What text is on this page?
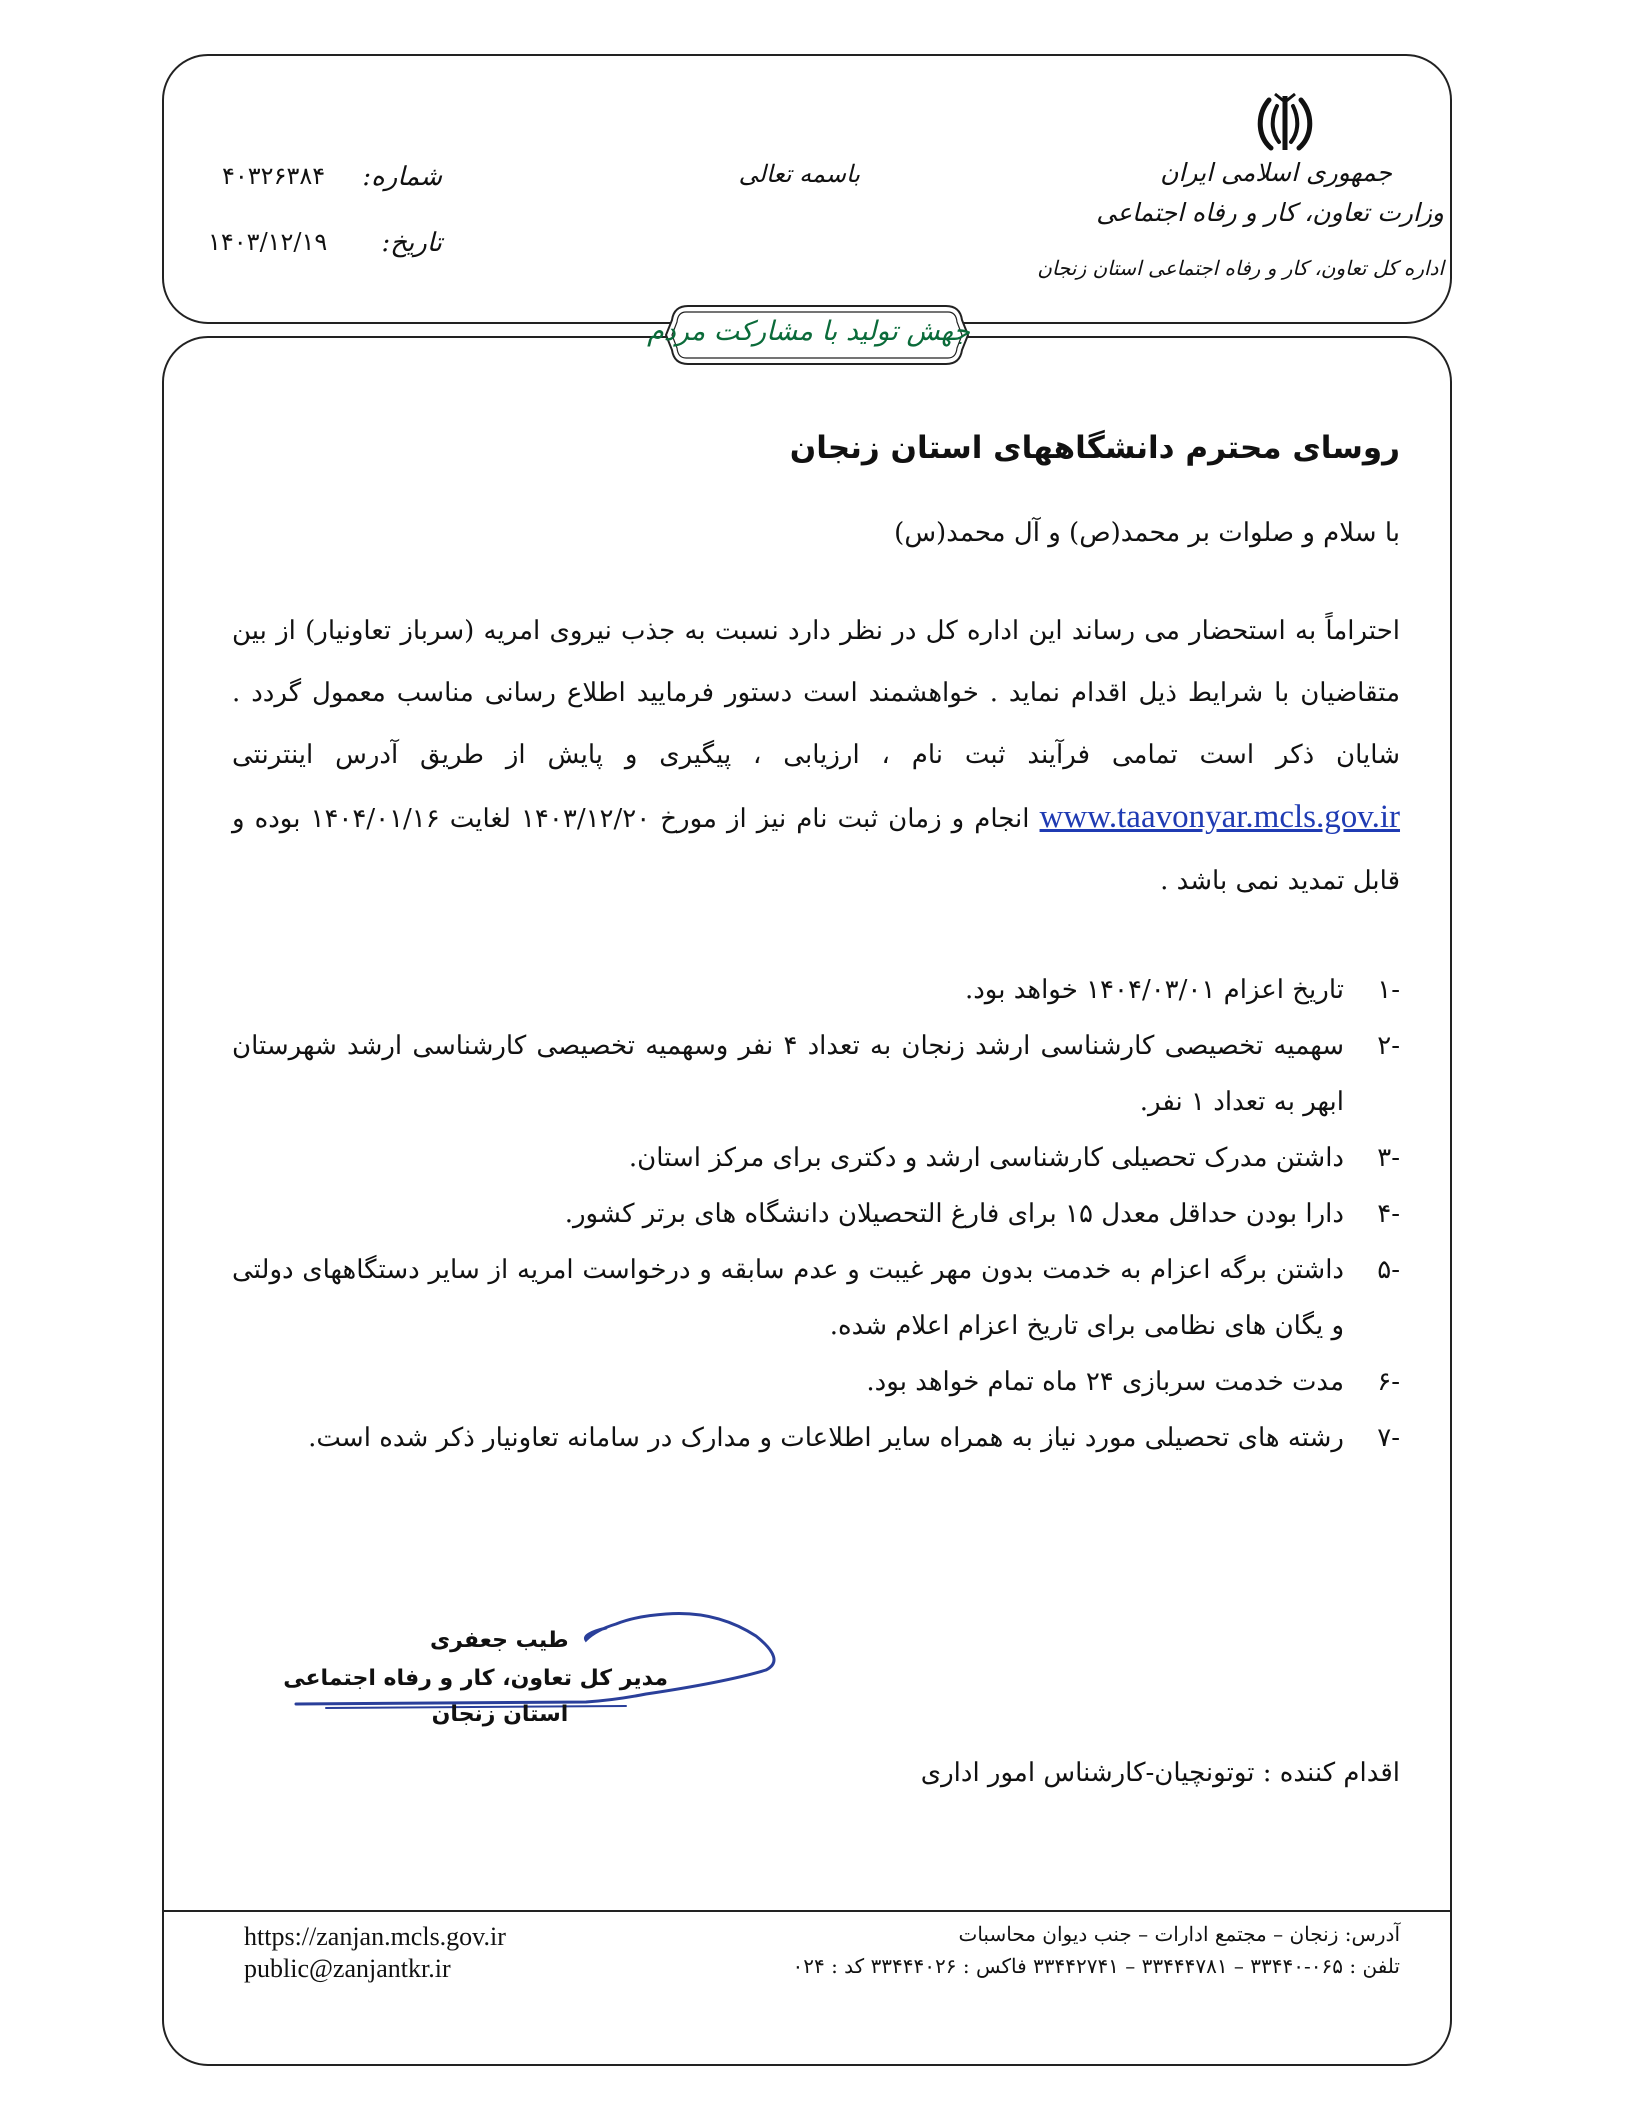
جمهوری اسلامی ایران
وزارت تعاون، کار و رفاه اجتماعی
اداره کل تعاون، کار و رفاه اجتماعی استان زنجان
باسمه تعالی
شماره:
۴۰۳۲۶۳۸۴
تاریخ:
۱۴۰۳/۱۲/۱۹
جهش تولید با مشارکت مردم
روسای محترم دانشگاههای استان زنجان
با سلام و صلوات بر محمد(ص) و آل محمد(س)
احتراماً به استحضار می رساند این اداره کل در نظر دارد نسبت به جذب نیروی امریه (سرباز تعاونیار) از بین متقاضیان با شرایط ذیل اقدام نماید . خواهشمند است دستور فرمایید اطلاع رسانی مناسب معمول گردد . شایان ذکر است تمامی فرآیند ثبت نام ، ارزیابی ، پیگیری و پایش از طریق آدرس اینترنتی www.taavonyar.mcls.gov.ir انجام و زمان ثبت نام نیز از مورخ ۱۴۰۳/۱۲/۲۰ لغایت ۱۴۰۴/۰۱/۱۶ بوده و قابل تمدید نمی باشد .
-۱
تاریخ اعزام ۱۴۰۴/۰۳/۰۱ خواهد بود.
-۲
سهمیه تخصیصی کارشناسی ارشد زنجان به تعداد ۴ نفر وسهمیه تخصیصی کارشناسی ارشد شهرستان ابهر به تعداد ۱ نفر.
-۳
داشتن مدرک تحصیلی کارشناسی ارشد و دکتری برای مرکز استان.
-۴
دارا بودن حداقل معدل ۱۵ برای فارغ التحصیلان دانشگاه های برتر کشور.
-۵
داشتن برگه اعزام به خدمت بدون مهر غیبت و عدم سابقه و درخواست امریه از سایر دستگاههای دولتی و یگان های نظامی برای تاریخ اعزام اعلام شده.
-۶
مدت خدمت سربازی ۲۴ ماه تمام خواهد بود.
-۷
رشته های تحصیلی مورد نیاز به همراه سایر اطلاعات و مدارک در سامانه تعاونیار ذکر شده است.
طیب جعفری
مدیر کل تعاون، کار و رفاه اجتماعی
استان زنجان
اقدام کننده : توتونچیان-کارشناس امور اداری
https://zanjan.mcls.gov.ir
public@zanjantkr.ir
آدرس: زنجان – مجتمع ادارات – جنب دیوان محاسبات
تلفن : ۰۶۵-۳۳۴۴۰ – ۳۳۴۴۴۷۸۱ – ۳۳۴۴۲۷۴۱ فاکس : ۳۳۴۴۴۰۲۶ کد : ۰۲۴
